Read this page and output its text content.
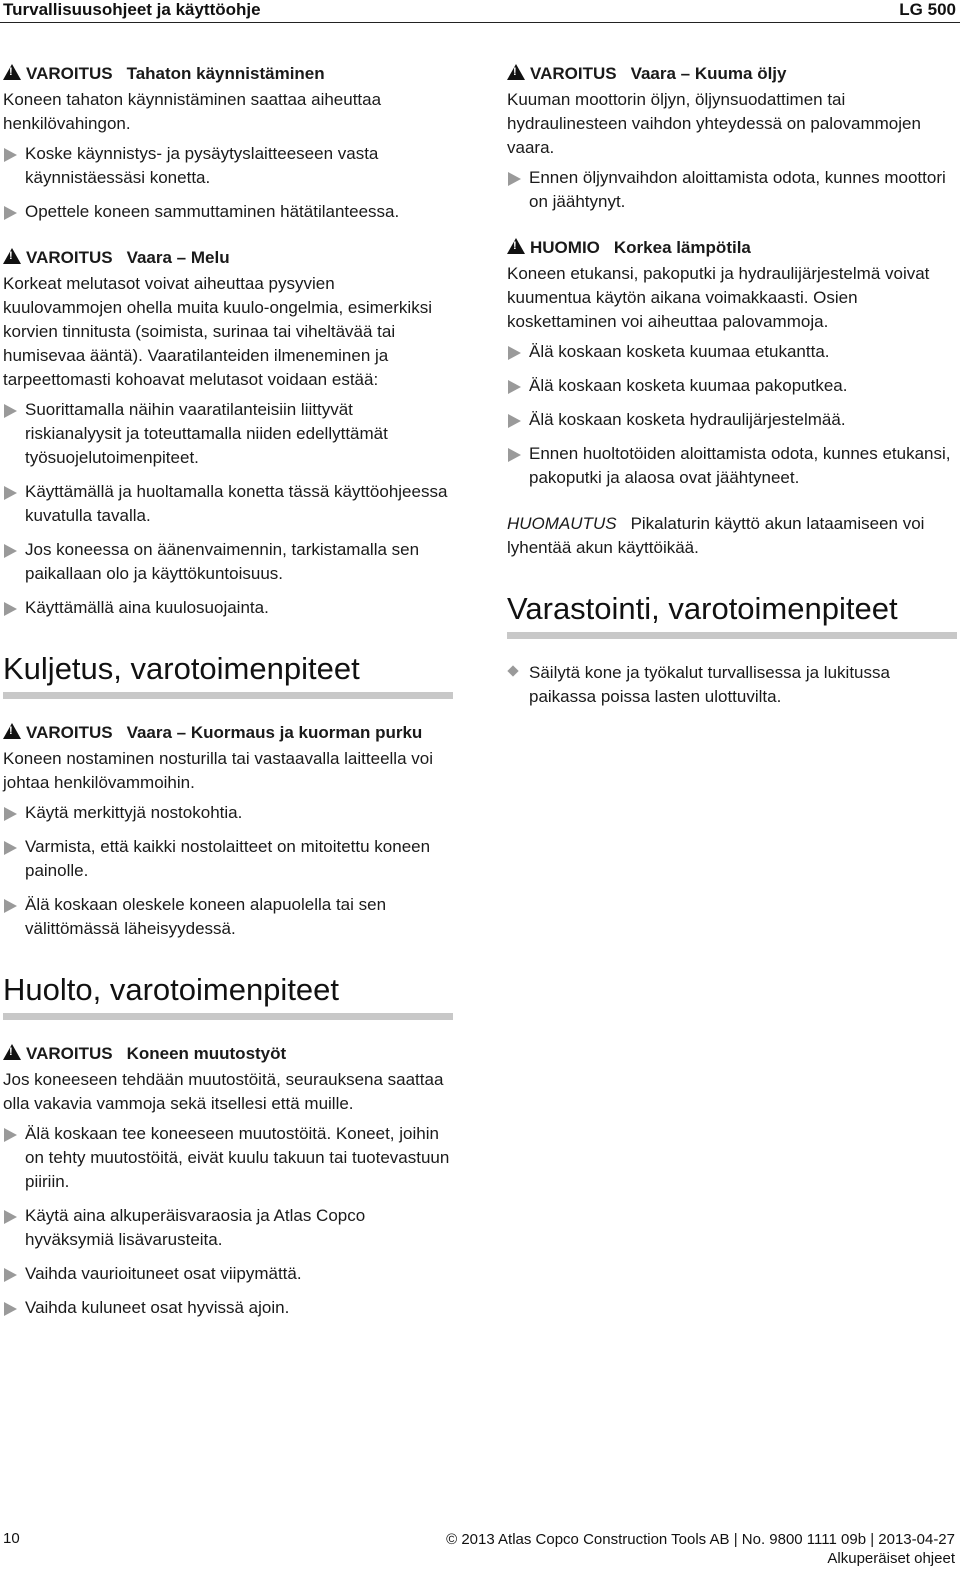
Turvallisuusohjeet ja käyttöohje	LG 500
!VAROITUS Tahaton käynnistäminen
Koneen tahaton käynnistäminen saattaa aiheuttaa henkilövahingon.
Koske käynnistys- ja pysäytyslaitteeseen vasta käynnistäessäsi konetta.
Opettele koneen sammuttaminen hätätilanteessa.
!VAROITUS Vaara – Melu
Korkeat melutasot voivat aiheuttaa pysyvien kuulovammojen ohella muita kuulo-ongelmia, esimerkiksi korvien tinnitusta (soimista, surinaa tai viheltävää tai humisevaa ääntä). Vaaratilanteiden ilmeneminen ja tarpeettomasti kohoavat melutasot voidaan estää:
Suorittamalla näihin vaaratilanteisiin liittyvät riskianalyysit ja toteuttamalla niiden edellyttämät työsuojelutoimenpiteet.
Käyttämällä ja huoltamalla konetta tässä käyttöohjeessa kuvatulla tavalla.
Jos koneessa on äänenvaimennin, tarkistamalla sen paikallaan olo ja käyttökuntoisuus.
Käyttämällä aina kuulosuojainta.
Kuljetus, varotoimenpiteet
!VAROITUS Vaara – Kuormaus ja kuorman purku
Koneen nostaminen nosturilla tai vastaavalla laitteella voi johtaa henkilövammoihin.
Käytä merkittyjä nostokohtia.
Varmista, että kaikki nostolaitteet on mitoitettu koneen painolle.
Älä koskaan oleskele koneen alapuolella tai sen välittömässä läheisyydessä.
Huolto, varotoimenpiteet
!VAROITUS Koneen muutostyöt
Jos koneeseen tehdään muutostöitä, seurauksena saattaa olla vakavia vammoja sekä itsellesi että muille.
Älä koskaan tee koneeseen muutostöitä. Koneet, joihin on tehty muutostöitä, eivät kuulu takuun tai tuotevastuun piiriin.
Käytä aina alkuperäisvaraosia ja Atlas Copco hyväksymiä lisävarusteita.
Vaihda vaurioituneet osat viipymättä.
Vaihda kuluneet osat hyvissä ajoin.
!VAROITUS Vaara – Kuuma öljy
Kuuman moottorin öljyn, öljynsuodattimen tai hydraulinesteen vaihdon yhteydessä on palovammojen vaara.
Ennen öljynvaihdon aloittamista odota, kunnes moottori on jäähtynyt.
!HUOMIO Korkea lämpötila
Koneen etukansi, pakoputki ja hydraulijärjestelmä voivat kuumentua käytön aikana voimakkaasti. Osien koskettaminen voi aiheuttaa palovammoja.
Älä koskaan kosketa kuumaa etukantta.
Älä koskaan kosketa kuumaa pakoputkea.
Älä koskaan kosketa hydraulijärjestelmää.
Ennen huoltotöiden aloittamista odota, kunnes etukansi, pakoputki ja alaosa ovat jäähtyneet.
HUOMAUTUS Pikalaturin käyttö akun lataamiseen voi lyhentää akun käyttöikää.
Varastointi, varotoimenpiteet
Säilytä kone ja työkalut turvallisessa ja lukitussa paikassa poissa lasten ulottuvilta.
10	© 2013 Atlas Copco Construction Tools AB | No. 9800 1111 09b | 2013-04-27
Alkuperäiset ohjeet
